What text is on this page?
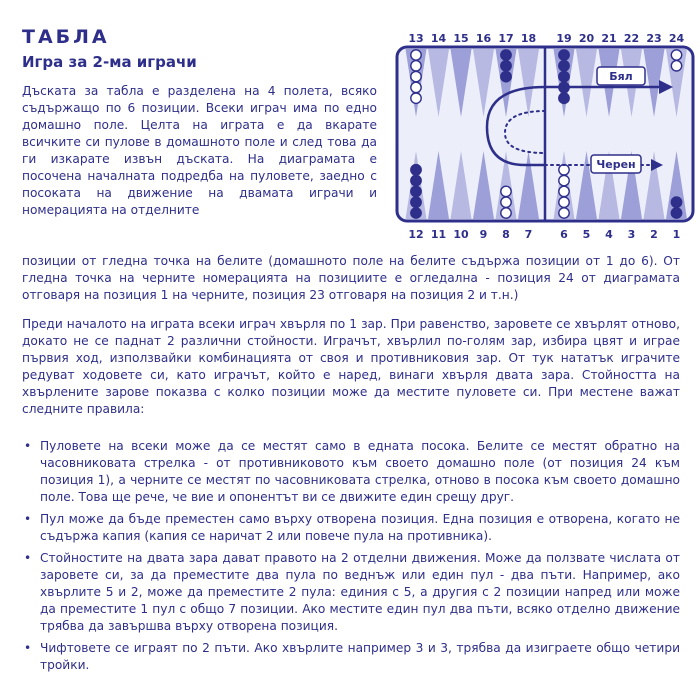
ТАБЛА
Игра за 2-ма играчи

Дъската за табла е разделена на 4 полета, всяко съдържащо по 6 позиции. Всеки играч има по едно домашно поле. Целта на играта е да вкарате всичките си пулове в домашното поле и след това да ги изкарате извън дъската. На диаграмата е посочена началната подредба на пуловете, заедно с посоката на движение на двамата играчи и номерацията на отделните

позиции от гледна точка на белите (домашното поле на белите съдържа позиции от 1 до 6). От гледна точка на черните номерацията на позициите е огледална - позиция 24 от диаграмата отговаря на позиция 1 на черните, позиция 23 отговаря на позиция 2 и т.н.)

Преди началото на играта всеки играч хвърля по 1 зар. При равенство, заровете се хвърлят отново, докато не се паднат 2 различни стойности. Играчът, хвърлил по-голям зар, избира цвят и играе първия ход, използвайки комбинацията от своя и противниковия зар. От тук нататък играчите редуват ходовете си, като играчът, който е наред, винаги хвърля двата зара. Стойността на хвърлените зарове показва с колко позиции може да местите пуловете си. При местене важат следните правила:

• Пуловете на всеки може да се местят само в едната посока. Белите се местят обратно на часовниковата стрелка - от противниковото към своето домашно поле (от позиция 24 към позиция 1), а черните се местят по часовниковата стрелка, отново в посока към своето домашно поле. Това ще рече, че вие и опонентът ви се движите един срещу друг.
• Пул може да бъде преместен само върху отворена позиция. Една позиция е отворена, когато не съдържа капия (капия се наричат 2 или повече пула на противника).
• Стойностите на двата зара дават правото на 2 отделни движения. Може да ползвате числата от заровете си, за да преместите два пула по веднъж или един пул - два пъти. Например, ако хвърлите 5 и 2, може да преместите 2 пула: единия с 5, а другия с 2 позиции напред или може да преместите 1 пул с общо 7 позиции. Ако местите един пул два пъти, всяко отделно движение трябва да завършва върху отворена позиция.
• Чифтовете се играят по 2 пъти. Ако хвърлите например 3 и 3, трябва да изиграете общо четири тройки.
13 14 15 16 17 18 19 20 21 22 23 24
Бял
Черен
12 11 10 9 8 7	6 5 4 3 2 1
